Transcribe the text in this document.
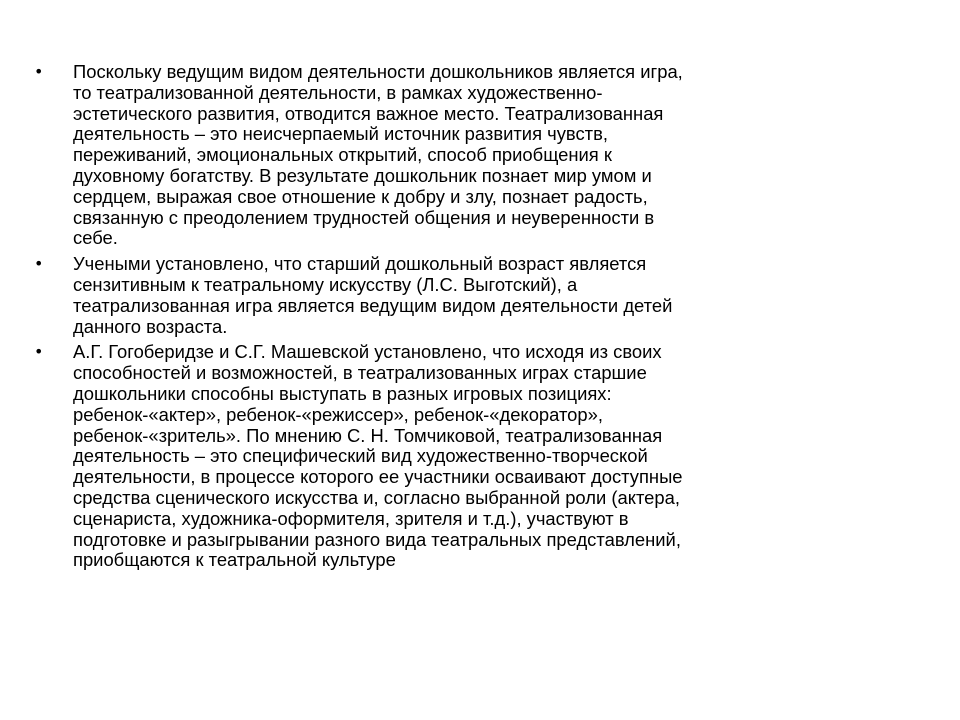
•	Поскольку ведущим видом деятельности дошкольников является игра,
то театрализованной деятельности, в рамках художественно-
эстетического развития, отводится важное место. Театрализованная
деятельность – это неисчерпаемый источник развития чувств,
переживаний, эмоциональных открытий, способ приобщения к
духовному богатству. В результате дошкольник познает мир умом и
сердцем, выражая свое отношение к добру и злу, познает радость,
связанную с преодолением трудностей общения и неуверенности в
себе.

•	Учеными установлено, что старший дошкольный возраст является
сензитивным к театральному искусству (Л.С. Выготский), а
театрализованная игра является ведущим видом деятельности детей
данного возраста.

•	А.Г. Гогоберидзе и С.Г. Машевской установлено, что исходя из своих
способностей и возможностей, в театрализованных играх старшие
дошкольники способны выступать в разных игровых позициях:
ребенок-«актер», ребенок-«режиссер», ребенок-«декоратор»,
ребенок-«зритель». По мнению С. Н. Томчиковой, театрализованная
деятельность – это специфический вид художественно-творческой
деятельности, в процессе которого ее участники осваивают доступные
средства сценического искусства и, согласно выбранной роли (актера,
сценариста, художника-оформителя, зрителя и т.д.), участвуют в
подготовке и разыгрывании разного вида театральных представлений,
приобщаются к театральной культуре
